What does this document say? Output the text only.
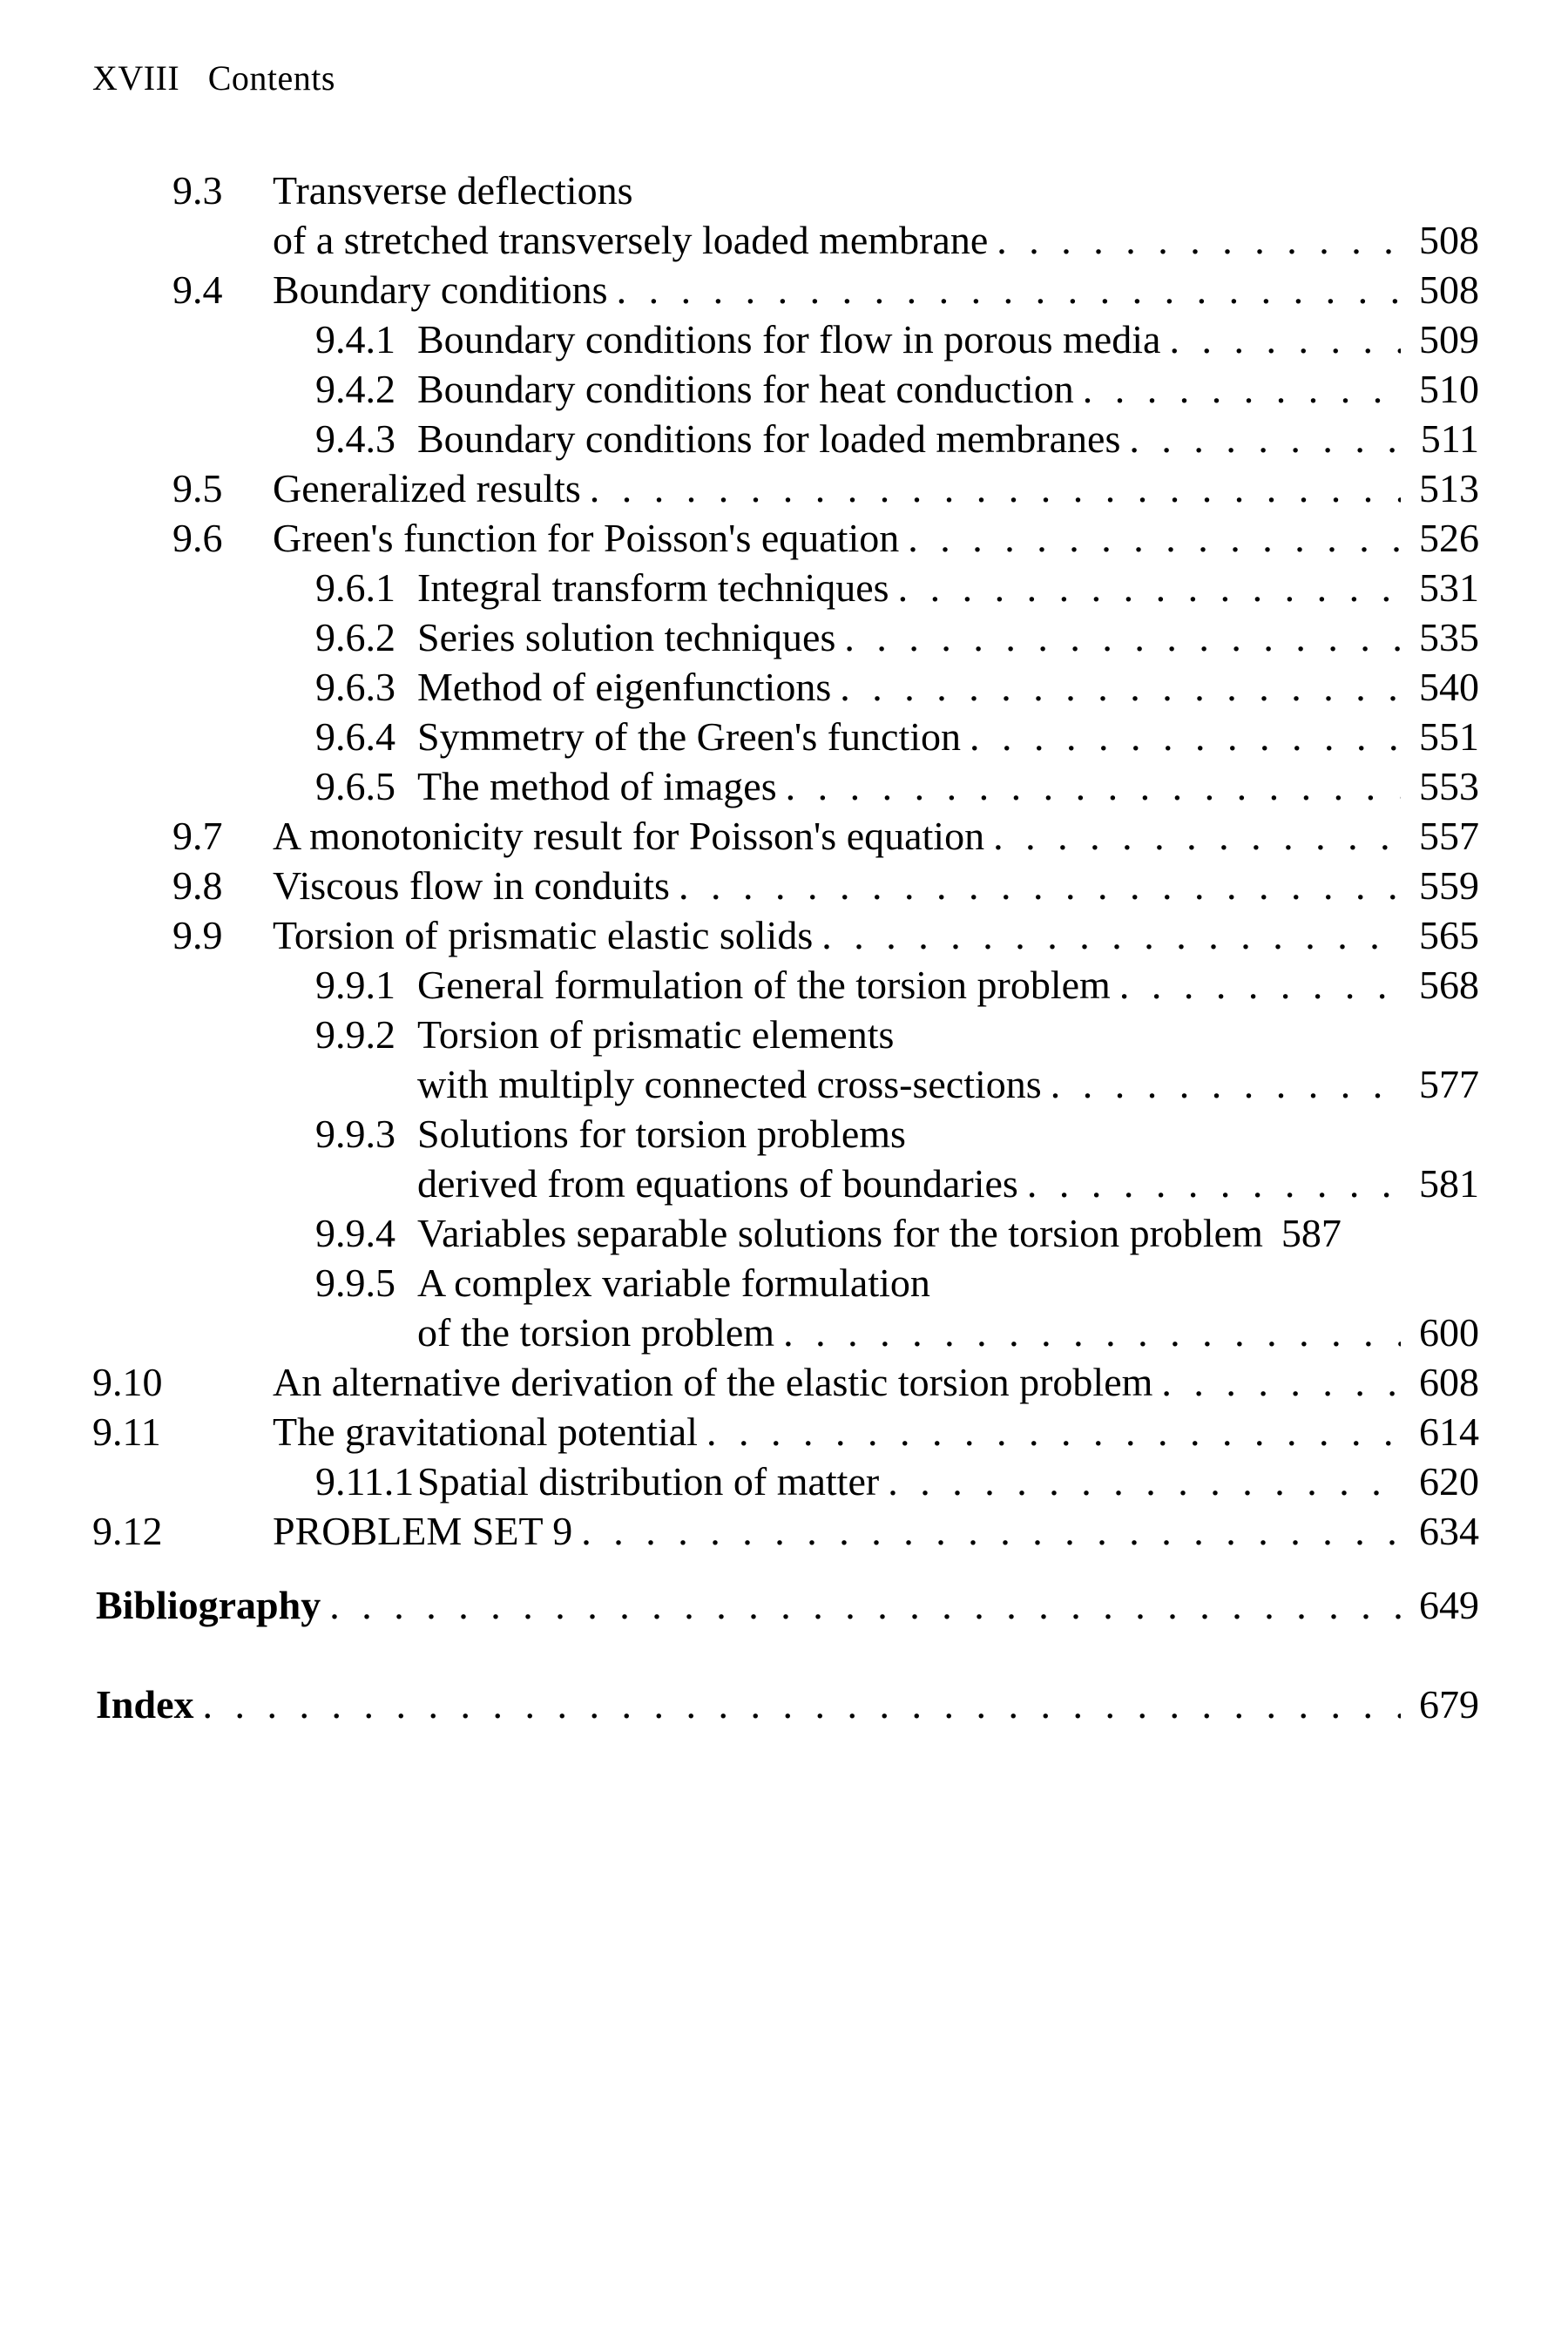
XVIII Contents
9.3 Transverse deflections
of a stretched transversely loaded membrane . . .	508
9.4 Boundary conditions . . .	508
9.4.1 Boundary conditions for flow in porous media . . .	509
9.4.2 Boundary conditions for heat conduction . . .	510
9.4.3 Boundary conditions for loaded membranes . . .	511
9.5 Generalized results . . .	513
9.6 Green's function for Poisson's equation . . .	526
9.6.1 Integral transform techniques . . .	531
9.6.2 Series solution techniques . . .	535
9.6.3 Method of eigenfunctions . . .	540
9.6.4 Symmetry of the Green's function . . .	551
9.6.5 The method of images . . .	553
9.7 A monotonicity result for Poisson's equation . . .	557
9.8 Viscous flow in conduits . . .	559
9.9 Torsion of prismatic elastic solids . . .	565
9.9.1 General formulation of the torsion problem . . .	568
9.9.2 Torsion of prismatic elements
with multiply connected cross-sections . . .	577
9.9.3 Solutions for torsion problems
derived from equations of boundaries . . .	581
9.9.4 Variables separable solutions for the torsion problem 587
9.9.5 A complex variable formulation
of the torsion problem . . .	600
9.10	An alternative derivation of the elastic torsion problem . . .	608
9.11	The gravitational potential . . .	614
9.11.1 Spatial distribution of matter . . .	620
9.12	PROBLEM SET 9 . . .	634
Bibliography . . .	649
Index . . .	679
